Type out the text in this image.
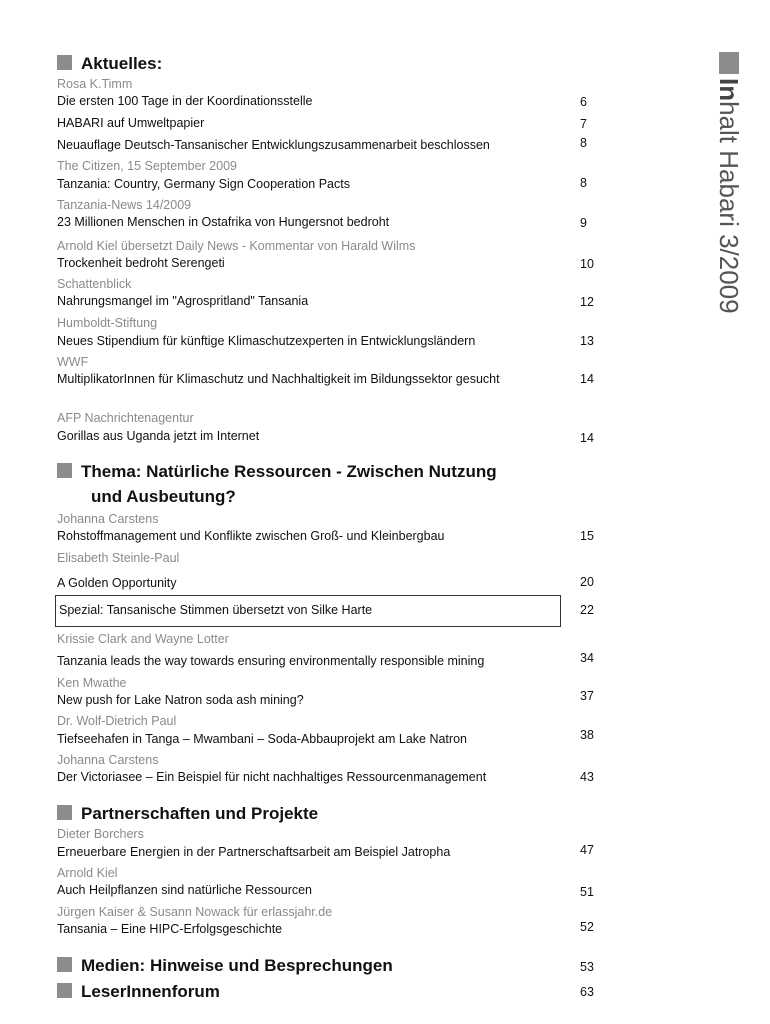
Inhalt Habari 3/2009
Aktuelles:
Rosa K.Timm
Die ersten 100 Tage in der Koordinationsstelle	6
HABARI auf Umweltpapier	7
Neuauflage Deutsch-Tansanischer Entwicklungszusammenarbeit beschlossen	8
The Citizen, 15 September 2009
Tanzania: Country, Germany Sign Cooperation Pacts	8
Tanzania-News 14/2009
23 Millionen Menschen in Ostafrika von Hungersnot bedroht	9
Arnold Kiel übersetzt Daily News - Kommentar von Harald Wilms
Trockenheit bedroht Serengeti	10
Schattenblick
Nahrungsmangel im "Agrospritland" Tansania	12
Humboldt-Stiftung
Neues Stipendium für künftige Klimaschutzexperten in Entwicklungsländern	13
WWF
MultiplikatorInnen für Klimaschutz und Nachhaltigkeit im Bildungssektor gesucht	14
AFP Nachrichtenagentur
Gorillas aus Uganda jetzt im Internet	14
Thema: Natürliche Ressourcen - Zwischen Nutzung
und Ausbeutung?
Johanna Carstens
Rohstoffmanagement und Konflikte zwischen Groß- und Kleinbergbau	15
Elisabeth Steinle-Paul
A Golden Opportunity	20
Spezial: Tansanische Stimmen übersetzt von Silke Harte	22
Krissie Clark and Wayne Lotter
Tanzania leads the way towards ensuring environmentally responsible mining	34
Ken Mwathe
New push for Lake Natron soda ash mining?	37
Dr. Wolf-Dietrich Paul
Tiefseehafen in Tanga – Mwambani – Soda-Abbauprojekt am Lake Natron	38
Johanna Carstens
Der Victoriasee – Ein Beispiel für nicht nachhaltiges Ressourcenmanagement	43
Partnerschaften und Projekte
Dieter Borchers
Erneuerbare Energien in der Partnerschaftsarbeit am Beispiel Jatropha	47
Arnold Kiel
Auch Heilpflanzen sind natürliche Ressourcen	51
Jürgen Kaiser & Susann Nowack für erlassjahr.de
Tansania – Eine HIPC-Erfolgsgeschichte	52
Medien: Hinweise und Besprechungen	53
LeserInnenforum	63
